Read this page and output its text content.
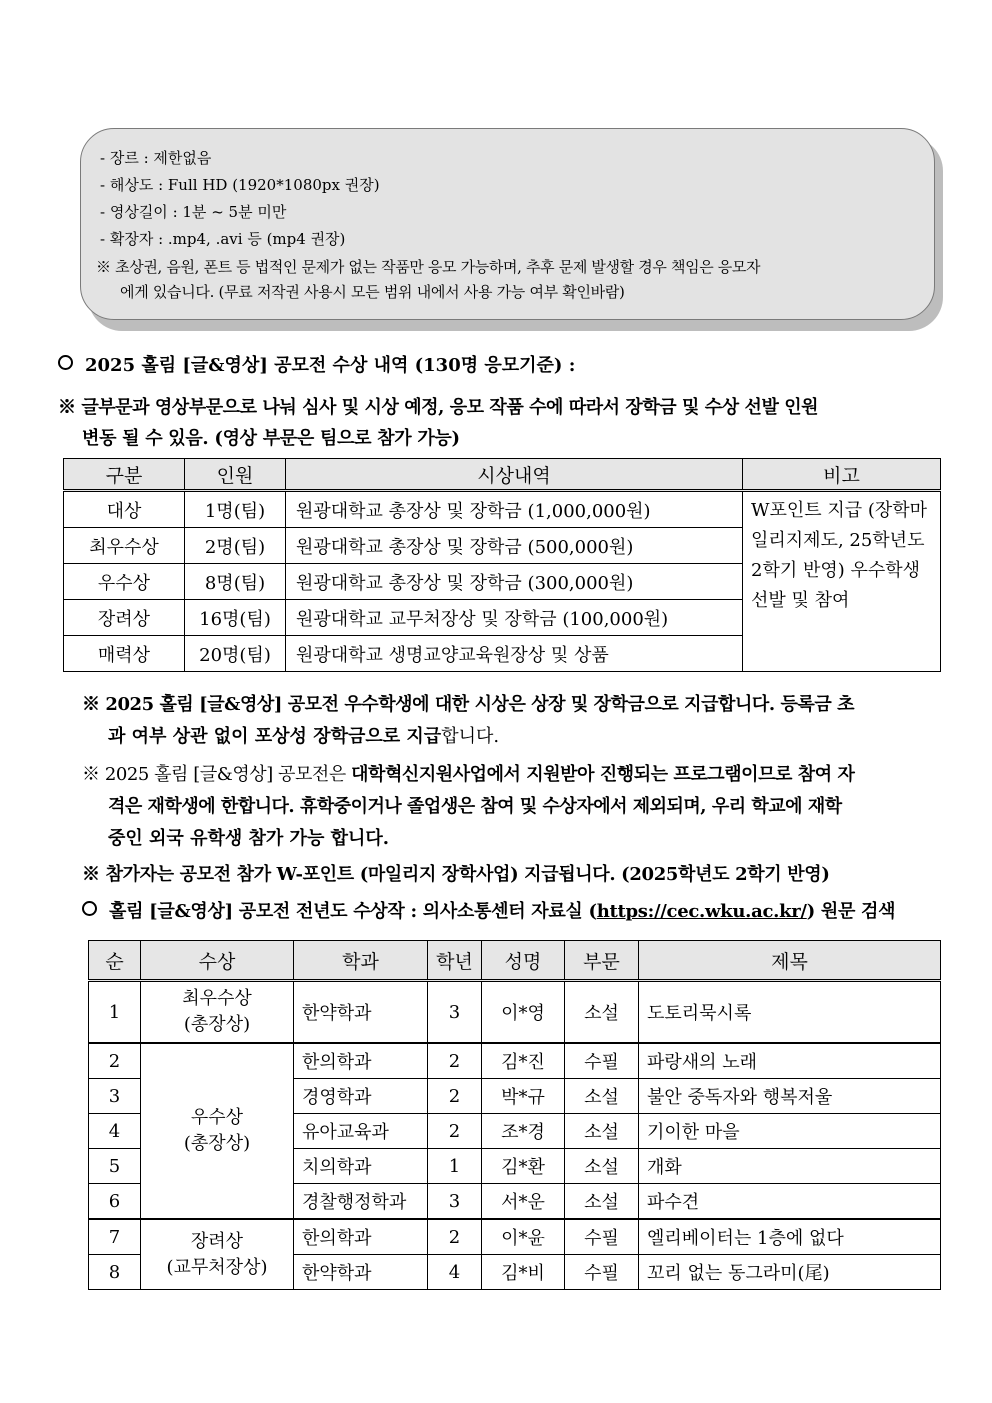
- 장르 : 제한없음
- 해상도 : Full HD (1920*1080px 권장)
- 영상길이 : 1분 ~ 5분 미만
- 확장자 : .mp4, .avi 등 (mp4 권장)
※ 초상권, 음원, 폰트 등 법적인 문제가 없는 작품만 응모 가능하며, 추후 문제 발생할 경우 책임은 응모자
에게 있습니다. (무료 저작권 사용시 모든 범위 내에서 사용 가능 여부 확인바람)
2025 홀림 [글&영상] 공모전 수상 내역 (130명 응모기준) :
※ 글부문과 영상부문으로 나눠 심사 및 시상 예정, 응모 작품 수에 따라서 장학금 및 수상 선발 인원
변동 될 수 있음. (영상 부문은 팀으로 참가 가능)
구분	인원	시상내역	비고
대상	1명(팀)	원광대학교 총장상 및 장학금 (1,000,000원)	W포인트 지급 (장학마일리지제도, 25학년도 2학기 반영) 우수학생 선발 및 참여
최우수상	2명(팀)	원광대학교 총장상 및 장학금 (500,000원)	
우수상	8명(팀)	원광대학교 총장상 및 장학금 (300,000원)	
장려상	16명(팀)	원광대학교 교무처장상 및 장학금 (100,000원)	
매력상	20명(팀)	원광대학교 생명교양교육원장상 및 상품	
※ 2025 홀림 [글&영상] 공모전 우수학생에 대한 시상은 상장 및 장학금으로 지급합니다. 등록금 초
과 여부 상관 없이 포상성 장학금으로 지급합니다.
※ 2025 홀림 [글&영상] 공모전은 대학혁신지원사업에서 지원받아 진행되는 프로그램이므로 참여 자
격은 재학생에 한합니다. 휴학중이거나 졸업생은 참여 및 수상자에서 제외되며, 우리 학교에 재학
중인 외국 유학생 참가 가능 합니다.
※ 참가자는 공모전 참가 W-포인트 (마일리지 장학사업) 지급됩니다. (2025학년도 2학기 반영)
홀림 [글&영상] 공모전 전년도 수상작 : 의사소통센터 자료실 (https://cec.wku.ac.kr/) 원문 검색
순	수상	학과	학년	성명	부문	제목
1	최우수상
(총장상)	한약학과	3	이*영	소설	도토리묵시록
2	우수상
(총장상)	한의학과	2	김*진	수필	파랑새의 노래
3		경영학과	2	박*규	소설	불안 중독자와 행복저울
4		유아교육과	2	조*경	소설	기이한 마을
5		치의학과	1	김*환	소설	개화
6		경찰행정학과	3	서*운	소설	파수견
7	장려상
(교무처장상)	한의학과	2	이*윤	수필	엘리베이터는 1층에 없다
8		한약학과	4	김*비	수필	꼬리 없는 동그라미(尾)
